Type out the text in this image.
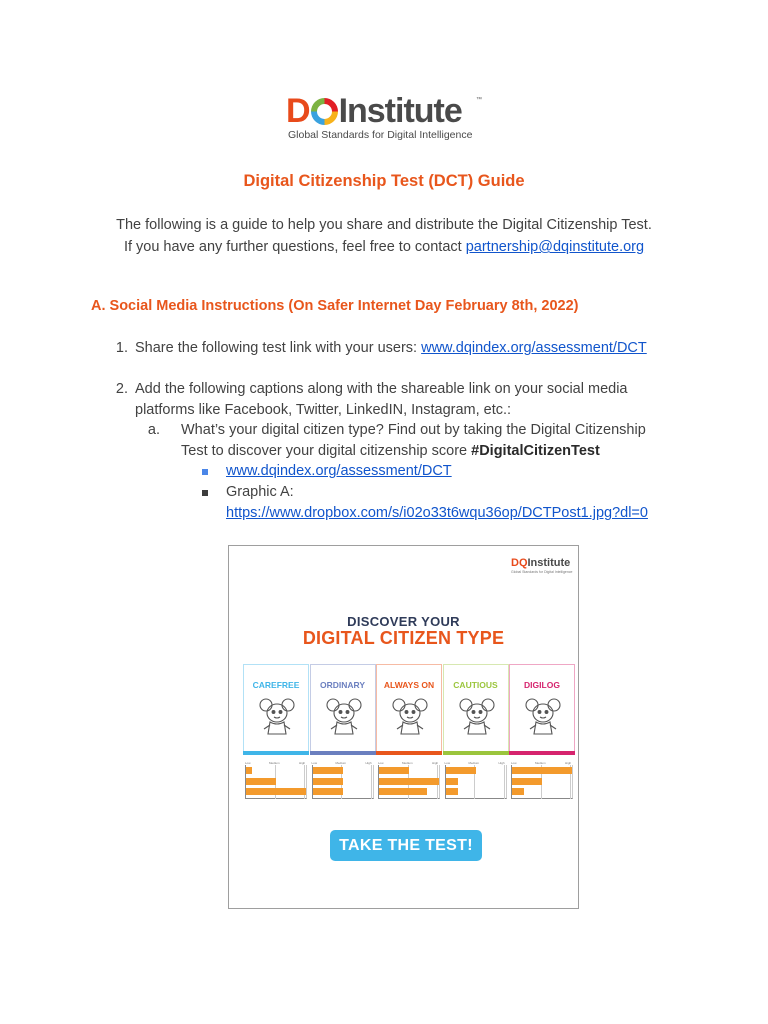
D Institute ™
Global Standards for Digital Intelligence
Digital Citizenship Test (DCT) Guide
The following is a guide to help you share and distribute the Digital Citizenship Test.
If you have any further questions, feel free to contact partnership@dqinstitute.org
A. Social Media Instructions (On Safer Internet Day February 8th, 2022)
1. Share the following test link with your users: www.dqindex.org/assessment/DCT
2. Add the following captions along with the shareable link on your social media
platforms like Facebook, Twitter, LinkedIN, Instagram, etc.:
a. What’s your digital citizen type? Find out by taking the Digital Citizenship
Test to discover your digital citizenship score #DigitalCitizenTest
www.dqindex.org/assessment/DCT
Graphic A:
https://www.dropbox.com/s/i02o33t6wqu36op/DCTPost1.jpg?dl=0
DQInstitute
Global Standards for Digital Intelligence
DISCOVER YOUR
DIGITAL CITIZEN TYPE
CAREFREE
Low	Medium	High
ORDINARY
Low	Medium	High
ALWAYS ON
Low	Medium	High
CAUTIOUS
Low	Medium	High
DIGILOG
Low	Medium	High
TAKE THE TEST!
